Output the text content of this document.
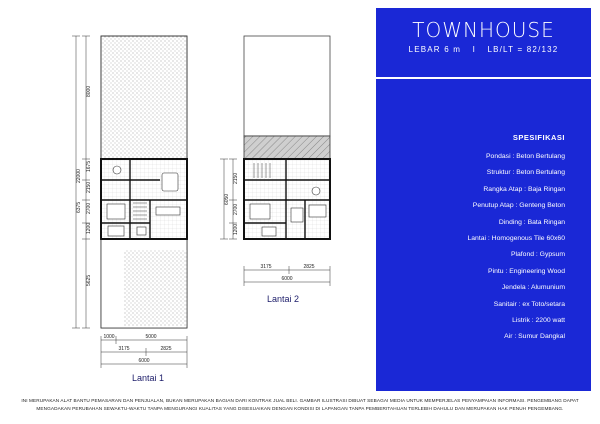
8000
1675
2150
2700
1200
5625
22000
6375
1000	5000
3175	2825
6000
2150
2700
1200
6050
3175	2825
6000
Lantai 1
Lantai 2
TOWNHOUSE
LEBAR 6 m I LB/LT = 82/132
SPESIFIKASI
Pondasi : Beton Bertulang
Struktur : Beton Bertulang
Rangka Atap : Baja Ringan
Penutup Atap : Genteng Beton
Dinding : Bata Ringan
Lantai : Homogenous Tile 60x60
Plafond : Gypsum
Pintu : Engineering Wood
Jendela : Alumunium
Sanitair : ex Toto/setara
Listrik : 2200 watt
Air : Sumur Dangkal
INI MERUPAKAN ALAT BANTU PEMASARAN DAN PENJUALAN, BUKAN MERUPAKAN BAGIAN DARI KONTRAK JUAL BELI. GAMBAR ILUSTRASI DIBUAT SEBAGAI MEDIA UNTUK MEMPERJELAS PENYAMPAIAN INFORMASI. PENGEMBANG DAPAT MENGADAKAN PERUBAHAN SEWAKTU-WAKTU TANPA MENGURANGI KUALITAS YANG DISESUAIKAN DENGAN KONDISI DI LAPANGAN TANPA PEMBERITAHUAN TERLEBIH DAHULU DAN MERUPAKAN HAK PENUH PENGEMBANG.
